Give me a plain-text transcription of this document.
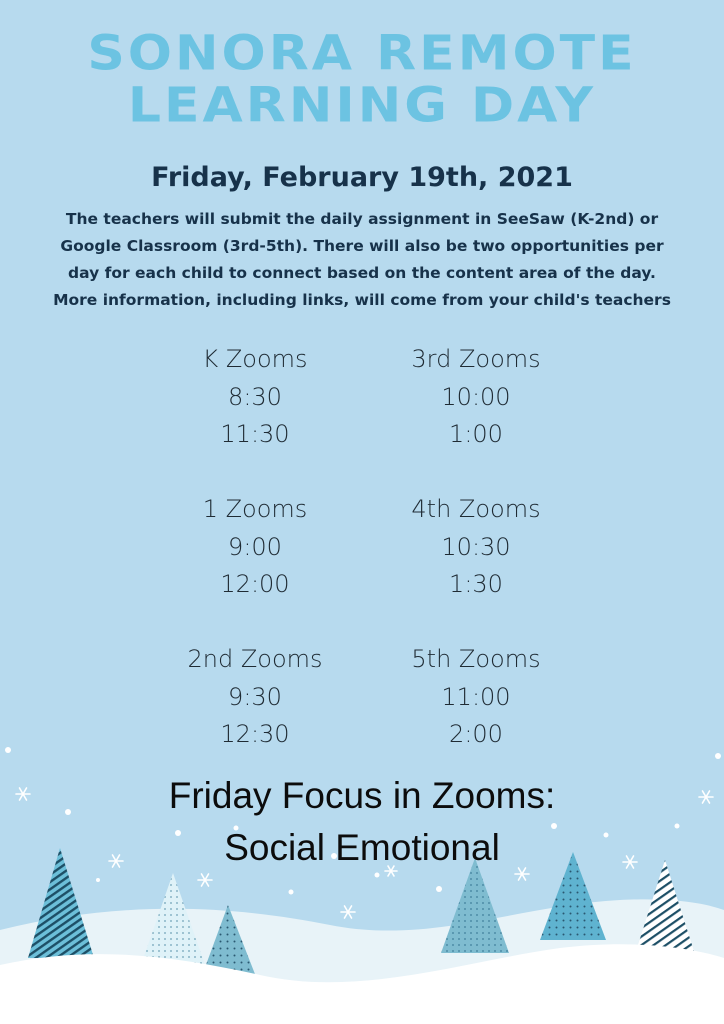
SONORA REMOTE
LEARNING DAY
Friday, February 19th, 2021
The teachers will submit the daily assignment in SeeSaw (K-2nd) or
Google Classroom (3rd-5th). There will also be two opportunities per
day for each child to connect based on the content area of the day.
More information, including links, will come from your child's teachers
K Zooms
8:30
11:30
1 Zooms
9:00
12:00
2nd Zooms
9:30
12:30
3rd Zooms
10:00
1:00
4th Zooms
10:30
1:30
5th Zooms
11:00
2:00
Friday Focus in Zooms:
Social Emotional
